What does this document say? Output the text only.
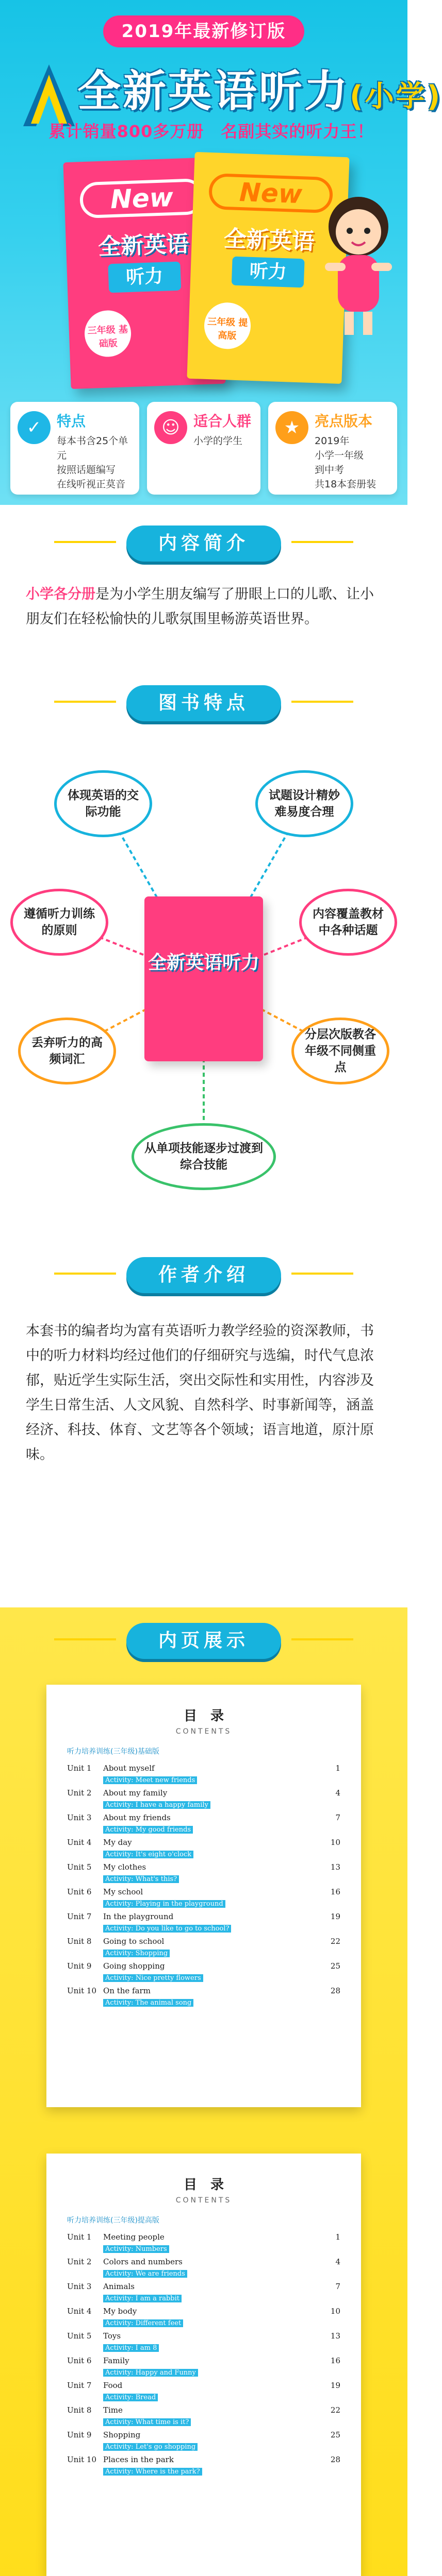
2019年最新修订版
全新英语听力(小学)
累计销量800多万册　名副其实的听力王！
New
全新英语
听力
三年级 基础版
New
全新英语
听力
三年级 提高版
✓	特点
每本书含25个单元
按照话题编写
在线听视正莫音
☺ 适合人群
小学的学生
★	亮点版本
2019年
小学一年级
到中考
共18本套册装
内容简介
小学各分册是为小学生朋友编写了册眼上口的儿歌、让小朋友们在轻松愉快的儿歌氛围里畅游英语世界。
图书特点
全新英语听力
体现英语的交际功能
试题设计精妙难易度合理
遵循听力训练的原则
内容覆盖教材中各种话题
丢弃听力的高频词汇
分层次版教各年级不同侧重点
从单项技能逐步过渡到综合技能
作者介绍
本套书的编者均为富有英语听力教学经验的资深教师，书中的听力材料均经过他们的仔细研究与选编，时代气息浓郁，贴近学生实际生活，突出交际性和实用性，内容涉及学生日常生活、人文风貌、自然科学、时事新闻等，涵盖经济、科技、体育、文艺等各个领域；语言地道，原汁原味。
内页展示
目　录
CONTENTS
听力培养训练(三年级)基础版
Unit 1	About myself	1
Activity: Meet new friends
Unit 2	About my family	4
Activity: I have a happy family
Unit 3	About my friends	7
Activity: My good friends
Unit 4	My day	10
Activity: It's eight o'clock
Unit 5	My clothes	13
Activity: What's this?
Unit 6	My school	16
Activity: Playing in the playground
Unit 7	In the playground	19
Activity: Do you like to go to school?
Unit 8	Going to school	22
Activity: Shopping
Unit 9	Going shopping	25
Activity: Nice pretty flowers
Unit 10 On the farm	28
Activity: The animal song
目　录
CONTENTS
听力培养训练(三年级)提高版
Unit 1	Meeting people	1
Activity: Numbers
Unit 2	Colors and numbers	4
Activity: We are friends
Unit 3	Animals	7
Activity: I am a rabbit
Unit 4	My body	10
Activity: Different feet
Unit 5	Toys	13
Activity: I am 8
Unit 6	Family	16
Activity: Happy and Funny
Unit 7	Food	19
Activity: Bread
Unit 8	Time	22
Activity: What time is it?
Unit 9	Shopping	25
Activity: Let's go shopping
Unit 10 Places in the park	28
Activity: Where is the park?
